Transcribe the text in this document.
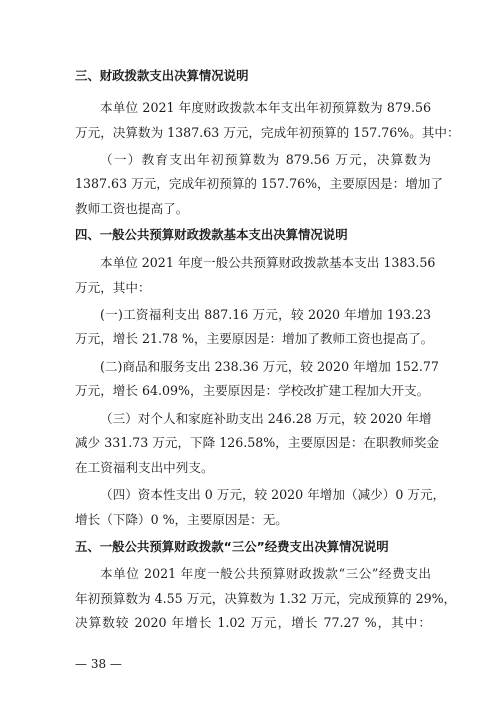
三、财政拨款支出决算情况说明
本单位 2021 年度财政拨款本年支出年初预算数为 879.56
万元，决算数为 1387.63 万元，完成年初预算的 157.76%。其中：
（一）教育支出年初预算数为 879.56 万元，决算数为
1387.63 万元，完成年初预算的 157.76%，主要原因是：增加了
教师工资也提高了。
四、一般公共预算财政拨款基本支出决算情况说明
本单位 2021 年度一般公共预算财政拨款基本支出 1383.56
万元，其中：
(一)工资福利支出 887.16 万元，较 2020 年增加 193.23
万元，增长 21.78 %，主要原因是：增加了教师工资也提高了。
(二)商品和服务支出 238.36 万元，较 2020 年增加 152.77
万元，增长 64.09%，主要原因是：学校改扩建工程加大开支。
（三）对个人和家庭补助支出 246.28 万元，较 2020 年增
减少 331.73 万元，下降 126.58%，主要原因是：在职教师奖金
在工资福利支出中列支。
（四）资本性支出 0 万元，较 2020 年增加（减少）0 万元，
增长（下降）0 %，主要原因是：无。
五、一般公共预算财政拨款“三公”经费支出决算情况说明
本单位 2021 年度一般公共预算财政拨款“三公”经费支出
年初预算数为 4.55 万元，决算数为 1.32 万元，完成预算的 29%，
决算数较 2020 年增长 1.02 万元，增长 77.27 %，其中：
— 38 —
